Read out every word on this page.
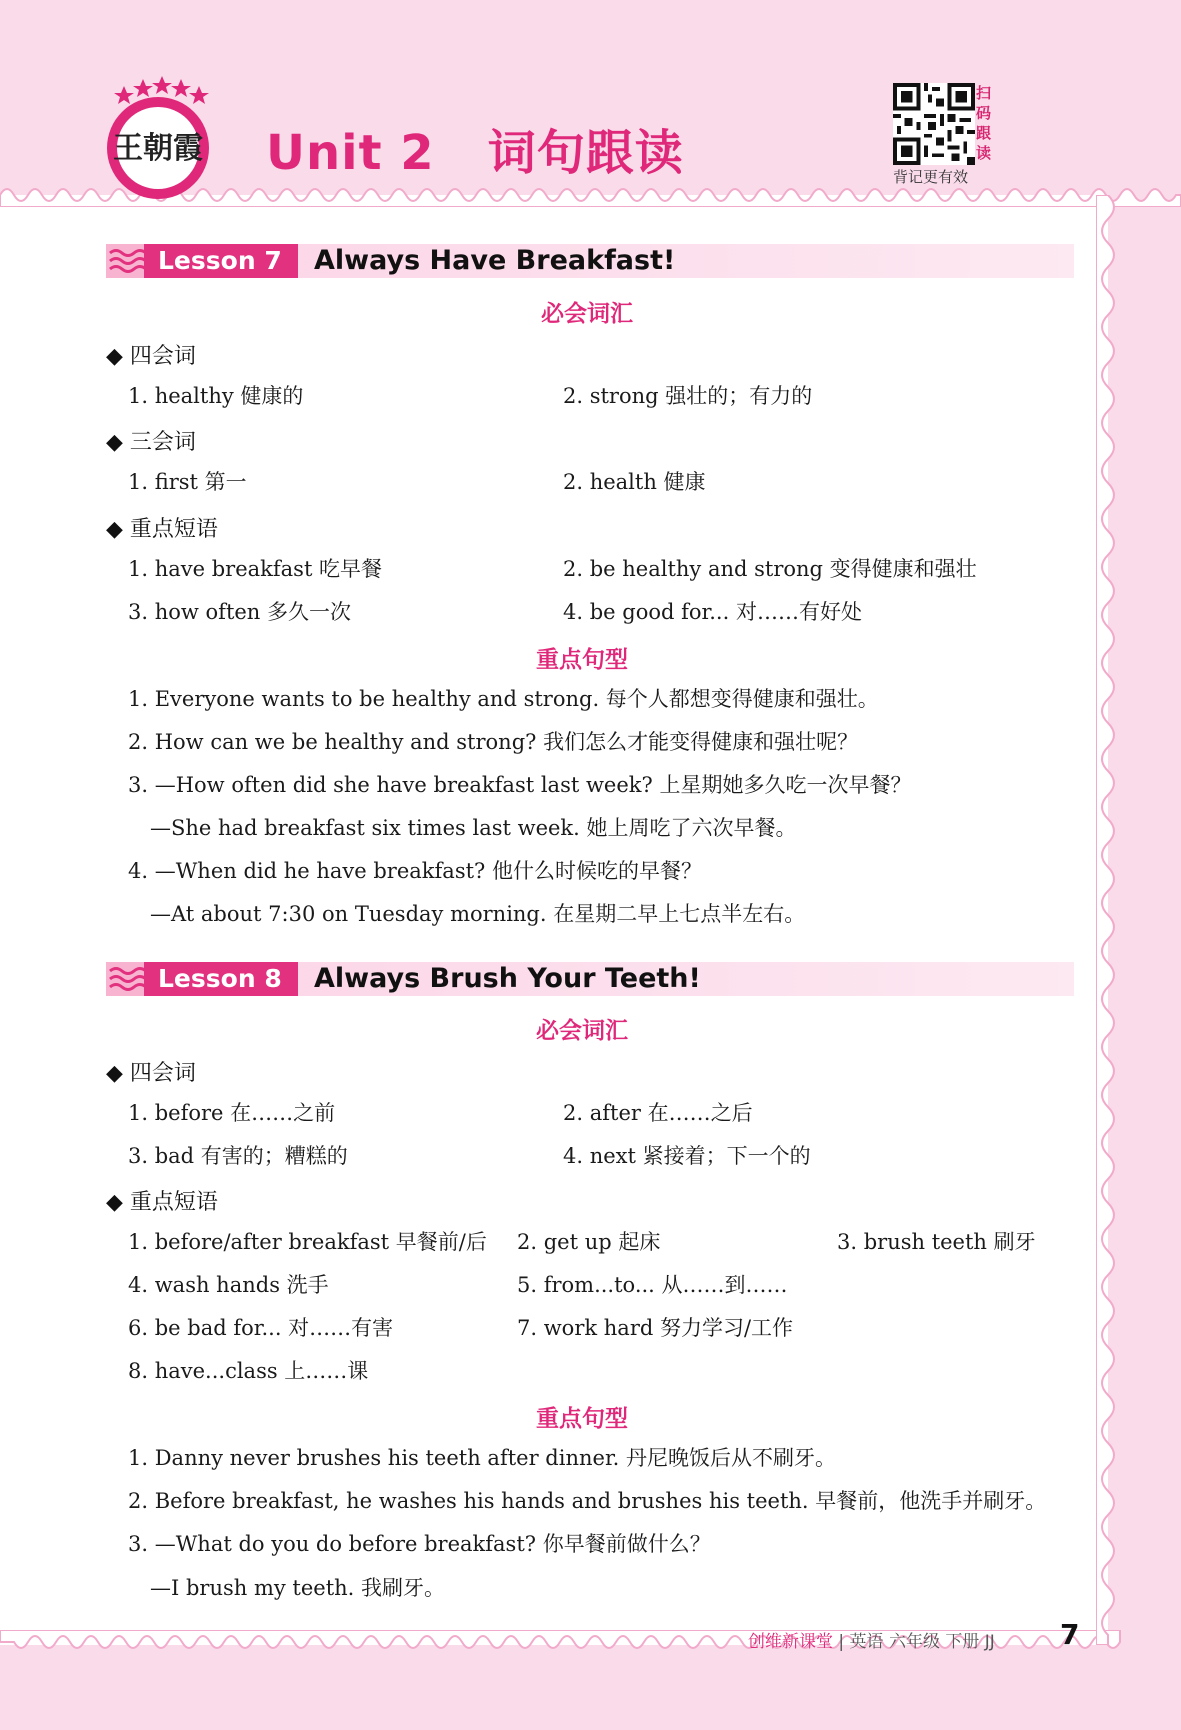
王朝霞 Unit 2   词句跟读
扫
码
跟
读
背记更有效
Lesson 7 Always Have Breakfast!
必会词汇
◆ 四会词
1. healthy 健康的	2. strong 强壮的；有力的
◆ 三会词
1. first 第一	2. health 健康
◆ 重点短语
1. have breakfast 吃早餐	2. be healthy and strong 变得健康和强壮
3. how often 多久一次	4. be good for... 对……有好处
重点句型
1. Everyone wants to be healthy and strong. 每个人都想变得健康和强壮。
2. How can we be healthy and strong? 我们怎么才能变得健康和强壮呢？
3. —How often did she have breakfast last week? 上星期她多久吃一次早餐？
—She had breakfast six times last week. 她上周吃了六次早餐。
4. —When did he have breakfast? 他什么时候吃的早餐？
—At about 7:30 on Tuesday morning. 在星期二早上七点半左右。
Lesson 8 Always Brush Your Teeth!
必会词汇
◆ 四会词
1. before 在……之前	2. after 在……之后
3. bad 有害的；糟糕的	4. next 紧接着；下一个的
◆ 重点短语
1. before/after breakfast 早餐前/后 2. get up 起床	3. brush teeth 刷牙
4. wash hands 洗手	5. from...to... 从……到……
6. be bad for... 对……有害	7. work hard 努力学习/工作
8. have...class 上……课
重点句型
1. Danny never brushes his teeth after dinner. 丹尼晚饭后从不刷牙。
2. Before breakfast, he washes his hands and brushes his teeth. 早餐前，他洗手并刷牙。
3. —What do you do before breakfast? 你早餐前做什么？
—I brush my teeth. 我刷牙。
创维新课堂 | 英语 六年级 下册 JJ 7
